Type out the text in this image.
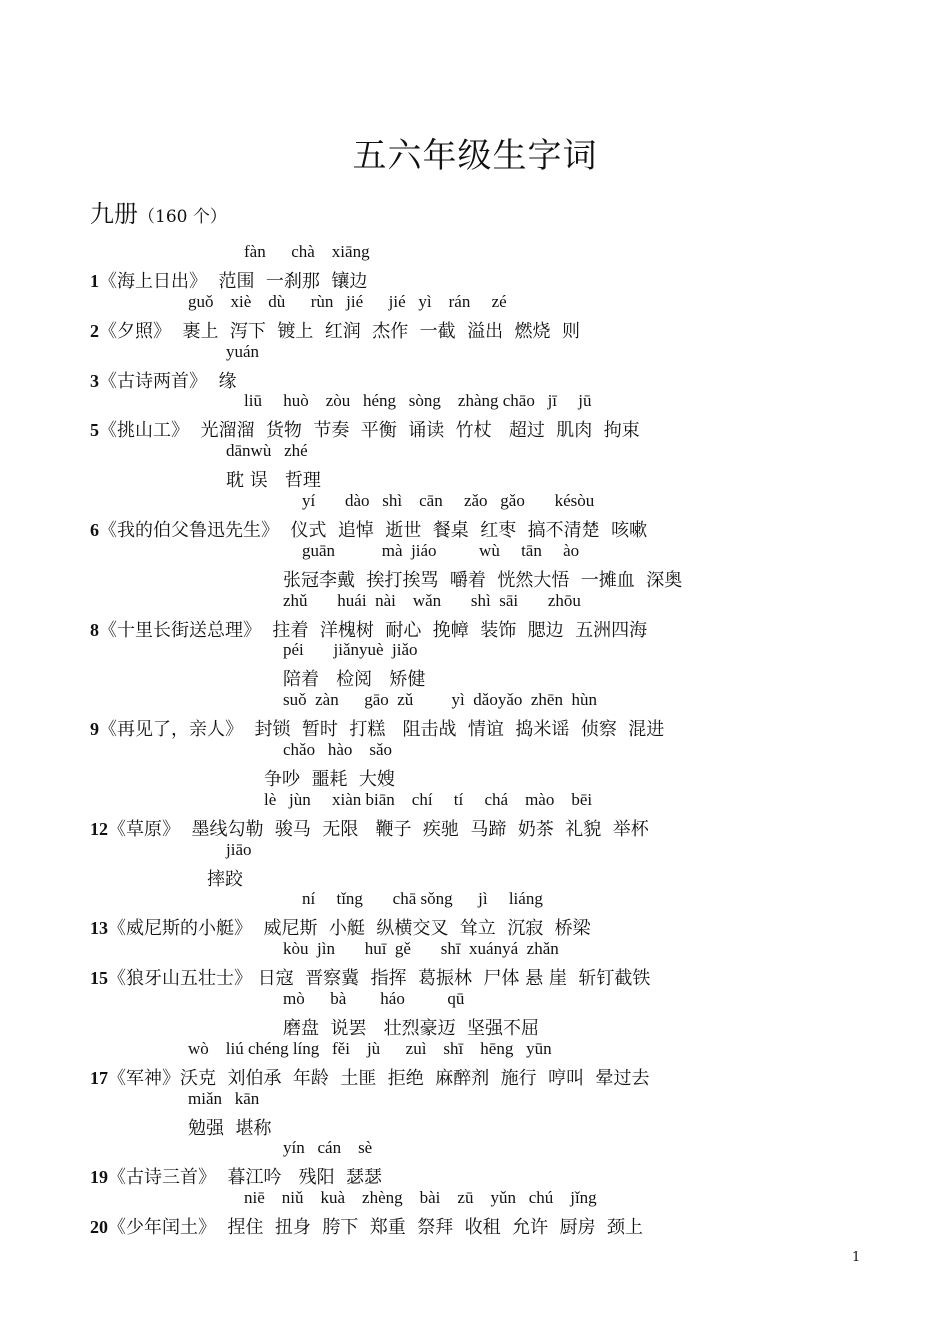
五六年级生字词
九册（160 个）
fàn      chà    xiāng
1《海上日出》  范围  一刹那  镶边
guǒ    xiè    dù      rùn   jié      jié   yì    rán     zé
2《夕照》  裹上  泻下  镀上  红润  杰作  一截  溢出  燃烧  则
yuán
3《古诗两首》  缘
liū     huò    zòu   héng   sòng    zhàng chāo   jī     jū
5《挑山工》  光溜溜  货物  节奏  平衡  诵读  竹杖   超过  肌肉  拘束
dānwù   zhé
耽 误   哲理
yí       dào   shì    cān     zǎo   gǎo       késòu
6《我的伯父鲁迅先生》  仪式  追悼  逝世  餐桌  红枣  搞不清楚  咳嗽
guān           mà  jiáo          wù     tān     ào
张冠李戴  挨打挨骂  嚼着  恍然大悟  一摊血  深奥
zhǔ       huái  nài    wǎn       shì  sāi       zhōu
8《十里长街送总理》  拄着  洋槐树  耐心  挽幛  装饰  腮边  五洲四海
péi       jiǎnyuè  jiǎo
陪着   检阅   矫健
suǒ  zàn      gāo  zǔ         yì  dǎoyǎo  zhēn  hùn
9《再见了，亲人》  封锁  暂时  打糕   阻击战  情谊  捣米谣  侦察  混进
chǎo   hào    sǎo
争吵  噩耗  大嫂
lè   jùn     xiàn biān    chí     tí     chá    mào    bēi
12《草原》  墨线勾勒  骏马  无限   鞭子  疾驰  马蹄  奶茶  礼貌  举杯
jiāo
摔跤
ní     tǐng       chā sǒng      jì     liáng
13《威尼斯的小艇》  威尼斯  小艇  纵横交叉  耸立  沉寂  桥梁
kòu  jìn       huī  gě       shī  xuányá  zhǎn
15《狼牙山五壮士》 日寇  晋察冀  指挥  葛振林  尸体 悬 崖  斩钉截铁
mò      bà        háo          qū
磨盘  说罢   壮烈豪迈  坚强不屈
wò    liú chéng líng   fěi    jù      zuì    shī    hēng   yūn
17《军神》沃克  刘伯承  年龄  土匪  拒绝  麻醉剂  施行  哼叫  晕过去
miǎn   kān
勉强  堪称
yín   cán    sè
19《古诗三首》  暮江吟   残阳  瑟瑟
niē    niǔ    kuà    zhèng    bài    zū    yǔn   chú    jǐng
20《少年闰土》  捏住  扭身  胯下  郑重  祭拜  收租  允许  厨房  颈上
1
